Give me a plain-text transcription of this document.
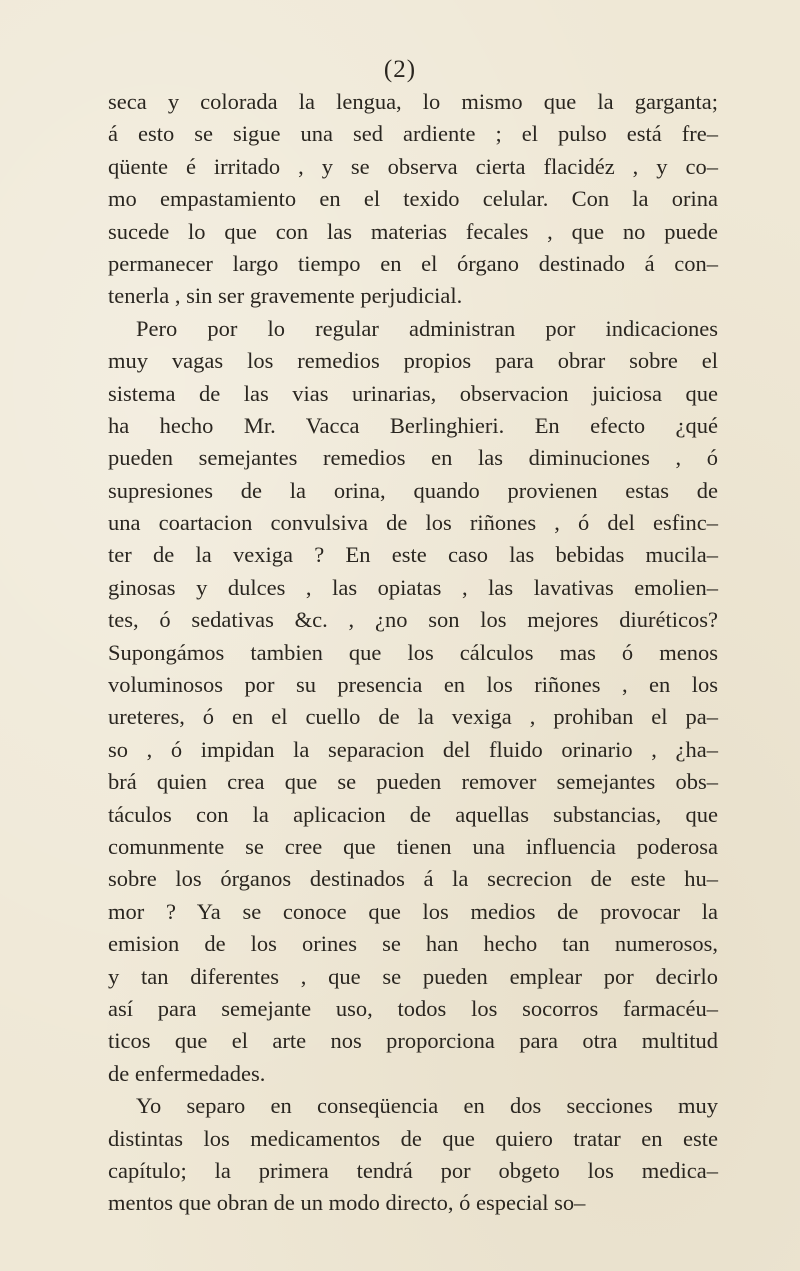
(2)
seca y colorada la lengua, lo mismo que la garganta;
á esto se sigue una sed ardiente ; el pulso está fre–
qüente é irritado , y se observa cierta flacidéz , y co–
mo empastamiento en el texido celular. Con la orina
sucede lo que con las materias fecales , que no puede
permanecer largo tiempo en el órgano destinado á con–
tenerla , sin ser gravemente perjudicial.
Pero por lo regular administran por indicaciones
muy vagas los remedios propios para obrar sobre el
sistema de las vias urinarias, observacion juiciosa que
ha hecho Mr. Vacca Berlinghieri. En efecto ¿qué
pueden semejantes remedios en las diminuciones , ó
supresiones de la orina, quando provienen estas de
una coartacion convulsiva de los riñones , ó del esfinc–
ter de la vexiga ? En este caso las bebidas mucila–
ginosas y dulces , las opiatas , las lavativas emolien–
tes, ó sedativas &c. , ¿no son los mejores diuréticos?
Supongámos tambien que los cálculos mas ó menos
voluminosos por su presencia en los riñones , en los
ureteres, ó en el cuello de la vexiga , prohiban el pa–
so , ó impidan la separacion del fluido orinario , ¿ha–
brá quien crea que se pueden remover semejantes obs–
táculos con la aplicacion de aquellas substancias, que
comunmente se cree que tienen una influencia poderosa
sobre los órganos destinados á la secrecion de este hu–
mor ? Ya se conoce que los medios de provocar la
emision de los orines se han hecho tan numerosos,
y tan diferentes , que se pueden emplear por decirlo
así para semejante uso, todos los socorros farmacéu–
ticos que el arte nos proporciona para otra multitud
de enfermedades.
Yo separo en conseqüencia en dos secciones muy
distintas los medicamentos de que quiero tratar en este
capítulo; la primera tendrá por obgeto los medica–
mentos que obran de un modo directo, ó especial so–
